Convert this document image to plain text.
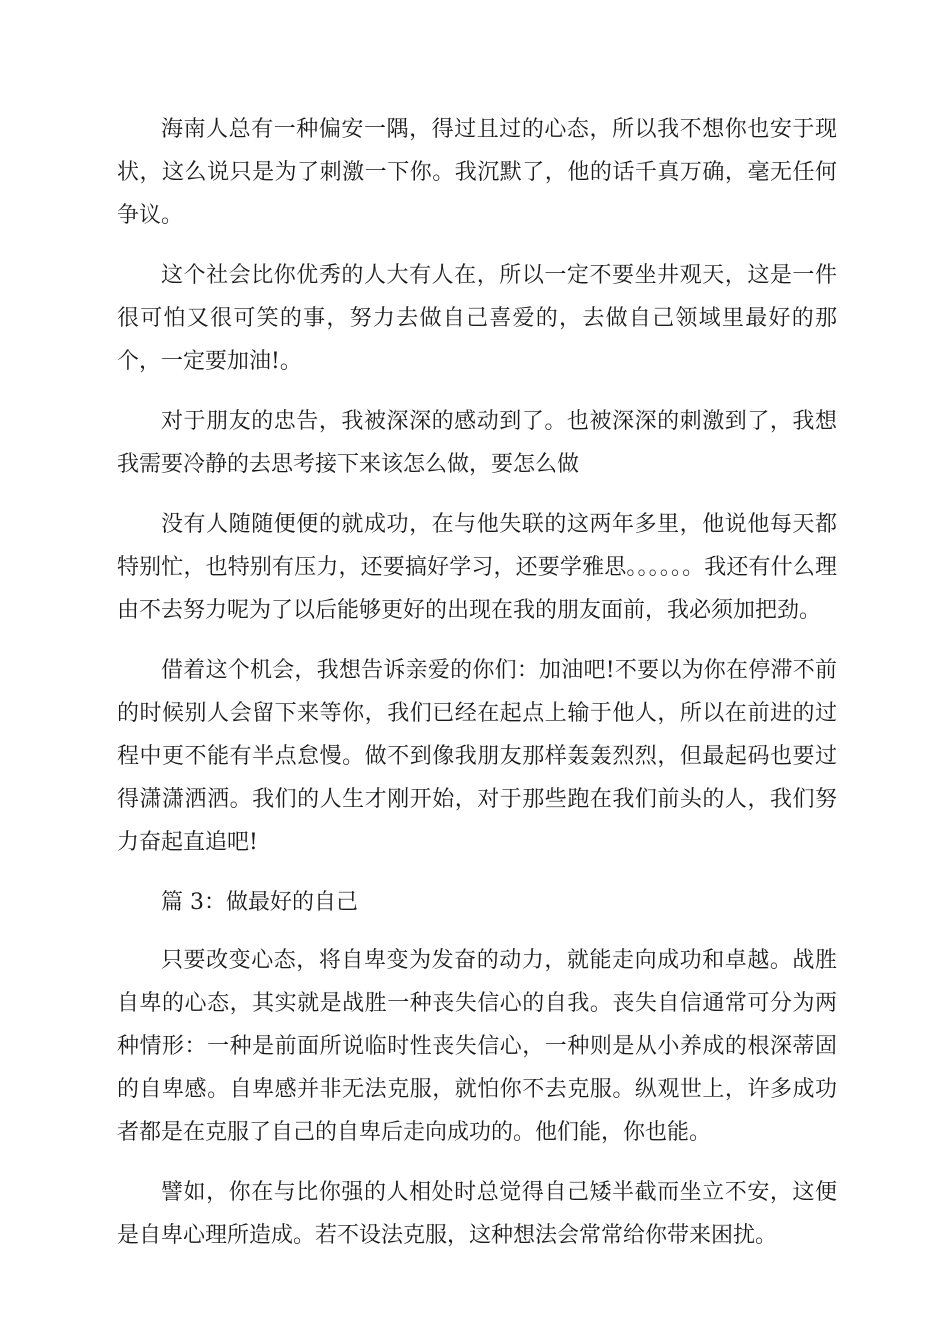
海南人总有一种偏安一隅，得过且过的心态，所以我不想你也安于现状，这么说只是为了刺激一下你。我沉默了，他的话千真万确，毫无任何争议。

这个社会比你优秀的人大有人在，所以一定不要坐井观天，这是一件很可怕又很可笑的事，努力去做自己喜爱的，去做自己领域里最好的那个，一定要加油!。

对于朋友的忠告，我被深深的感动到了。也被深深的刺激到了，我想我需要冷静的去思考接下来该怎么做，要怎么做

没有人随随便便的就成功，在与他失联的这两年多里，他说他每天都特别忙，也特别有压力，还要搞好学习，还要学雅思。。。。。。我还有什么理由不去努力呢为了以后能够更好的出现在我的朋友面前，我必须加把劲。

借着这个机会，我想告诉亲爱的你们：加油吧!不要以为你在停滞不前的时候别人会留下来等你，我们已经在起点上输于他人，所以在前进的过程中更不能有半点怠慢。做不到像我朋友那样轰轰烈烈，但最起码也要过得潇潇洒洒。我们的人生才刚开始，对于那些跑在我们前头的人，我们努力奋起直追吧!

篇 3：做最好的自己

只要改变心态，将自卑变为发奋的动力，就能走向成功和卓越。战胜自卑的心态，其实就是战胜一种丧失信心的自我。丧失自信通常可分为两种情形：一种是前面所说临时性丧失信心，一种则是从小养成的根深蒂固的自卑感。自卑感并非无法克服，就怕你不去克服。纵观世上，许多成功者都是在克服了自己的自卑后走向成功的。他们能，你也能。

譬如，你在与比你强的人相处时总觉得自己矮半截而坐立不安，这便是自卑心理所造成。若不设法克服，这种想法会常常给你带来困扰。
